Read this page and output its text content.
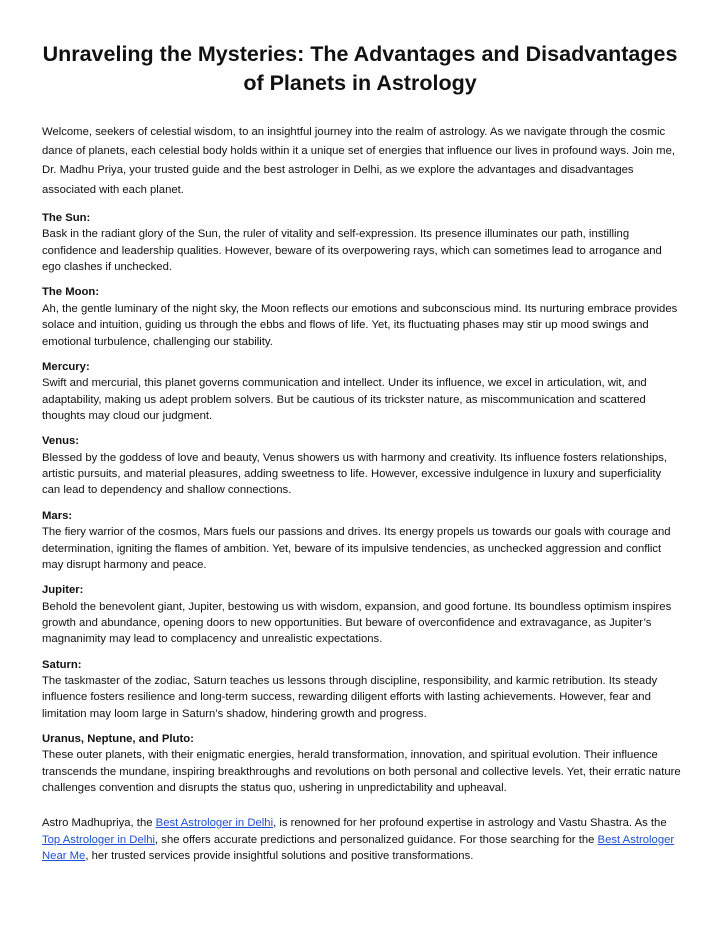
Unraveling the Mysteries: The Advantages and Disadvantages of Planets in Astrology
Welcome, seekers of celestial wisdom, to an insightful journey into the realm of astrology. As we navigate through the cosmic dance of planets, each celestial body holds within it a unique set of energies that influence our lives in profound ways. Join me, Dr. Madhu Priya, your trusted guide and the best astrologer in Delhi, as we explore the advantages and disadvantages associated with each planet.
The Sun:
Bask in the radiant glory of the Sun, the ruler of vitality and self-expression. Its presence illuminates our path, instilling confidence and leadership qualities. However, beware of its overpowering rays, which can sometimes lead to arrogance and ego clashes if unchecked.
The Moon:
Ah, the gentle luminary of the night sky, the Moon reflects our emotions and subconscious mind. Its nurturing embrace provides solace and intuition, guiding us through the ebbs and flows of life. Yet, its fluctuating phases may stir up mood swings and emotional turbulence, challenging our stability.
Mercury:
Swift and mercurial, this planet governs communication and intellect. Under its influence, we excel in articulation, wit, and adaptability, making us adept problem solvers. But be cautious of its trickster nature, as miscommunication and scattered thoughts may cloud our judgment.
Venus:
Blessed by the goddess of love and beauty, Venus showers us with harmony and creativity. Its influence fosters relationships, artistic pursuits, and material pleasures, adding sweetness to life. However, excessive indulgence in luxury and superficiality can lead to dependency and shallow connections.
Mars:
The fiery warrior of the cosmos, Mars fuels our passions and drives. Its energy propels us towards our goals with courage and determination, igniting the flames of ambition. Yet, beware of its impulsive tendencies, as unchecked aggression and conflict may disrupt harmony and peace.
Jupiter:
Behold the benevolent giant, Jupiter, bestowing us with wisdom, expansion, and good fortune. Its boundless optimism inspires growth and abundance, opening doors to new opportunities. But beware of overconfidence and extravagance, as Jupiter’s magnanimity may lead to complacency and unrealistic expectations.
Saturn:
The taskmaster of the zodiac, Saturn teaches us lessons through discipline, responsibility, and karmic retribution. Its steady influence fosters resilience and long-term success, rewarding diligent efforts with lasting achievements. However, fear and limitation may loom large in Saturn’s shadow, hindering growth and progress.
Uranus, Neptune, and Pluto:
These outer planets, with their enigmatic energies, herald transformation, innovation, and spiritual evolution. Their influence transcends the mundane, inspiring breakthroughs and revolutions on both personal and collective levels. Yet, their erratic nature challenges convention and disrupts the status quo, ushering in unpredictability and upheaval.
Astro Madhupriya, the Best Astrologer in Delhi, is renowned for her profound expertise in astrology and Vastu Shastra. As the Top Astrologer in Delhi, she offers accurate predictions and personalized guidance. For those searching for the Best Astrologer Near Me, her trusted services provide insightful solutions and positive transformations.
